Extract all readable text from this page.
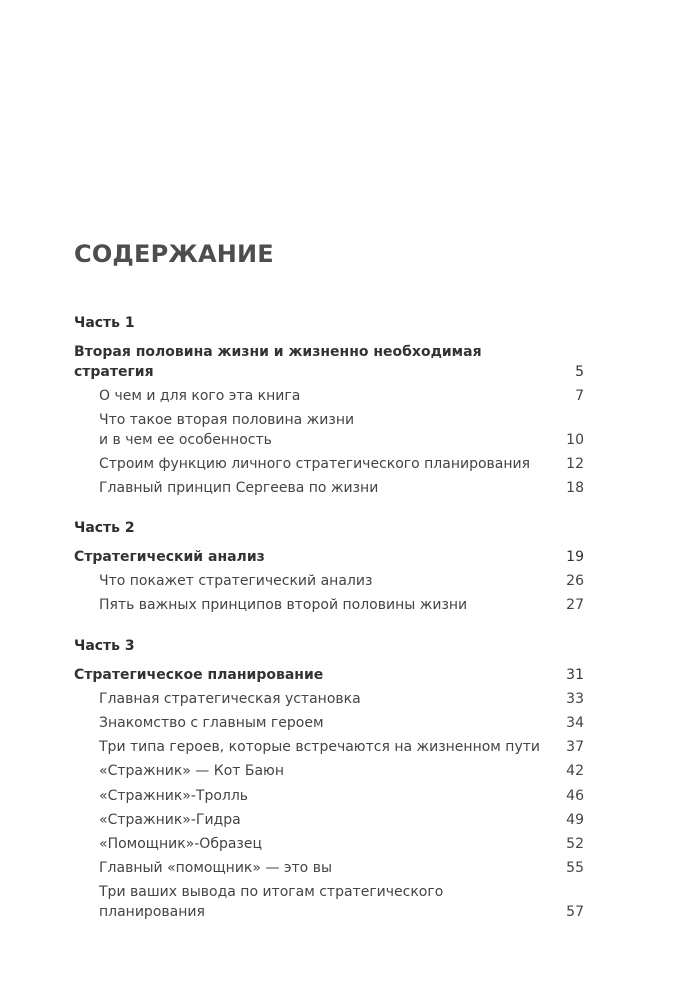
СОДЕРЖАНИЕ
Часть 1
Вторая половина жизни и жизненно необходимая
стратегия	5
О чем и для кого эта книга	7
Что такое вторая половина жизни
и в чем ее особенность	10
Строим функцию личного стратегического планирования	12
Главный принцип Сергеева по жизни	18
Часть 2
Стратегический анализ	19
Что покажет стратегический анализ	26
Пять важных принципов второй половины жизни	27
Часть 3
Стратегическое планирование	31
Главная стратегическая установка	33
Знакомство с главным героем	34
Три типа героев, которые встречаются на жизненном пути	37
«Стражник» — Кот Баюн	42
«Стражник»-Тролль	46
«Стражник»-Гидра	49
«Помощник»-Образец	52
Главный «помощник» — это вы	55
Три ваших вывода по итогам стратегического планирования	57
